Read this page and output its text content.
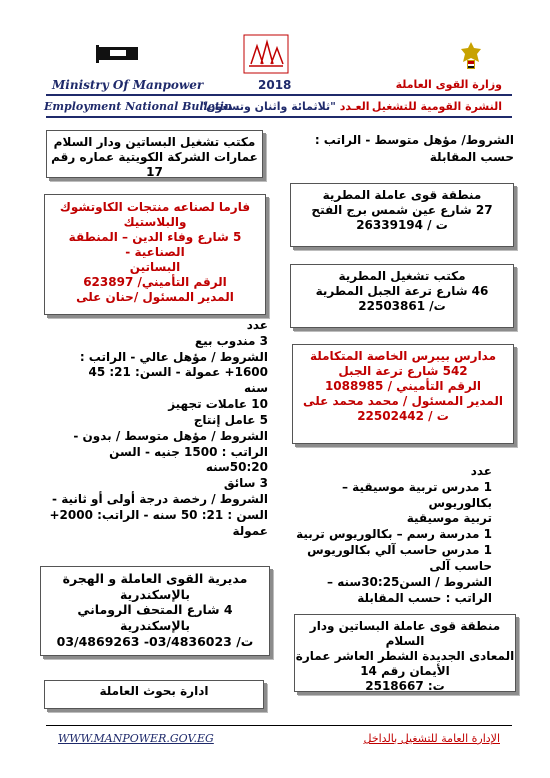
Ministry Of Manpower	2018	وزارة القوى العاملة
Employment National Bulletin	العـدد "ثلاثمائة واثنان وتسعون"	النشرة القومية للتشغيل
مكتب تشغيل البساتين ودار السلام
عمارات الشركة الكويتية عماره رقم 17
فارما لصناعه منتجات الكاوتشوك
والبلاستيك
5 شارع وفاء الدين – المنطقة الصناعية -
البساتين
الرقم التأميني/ 623897
المدير المسئول /حنان على
عدد
3 مندوب بيع
الشروط / مؤهل عالي - الراتب :
1600+ عمولة - السن: 21: 45
سنه
10 عاملات تجهيز
5 عامل إنتاج
الشروط / مؤهل متوسط / بدون -
الراتب : 1500 جنيه - السن
50:20سنه
3 سائق
الشروط / رخصة درجة أولى أو ثانية -
السن : 21: 50 سنه - الراتب: 2000+
عمولة
مديرية القوى العاملة و الهجرة
بالإسكندرية
4 شارع المتحف الروماني بالإسكندرية
ت/ 03/4836023- 03/4869263
ادارة بحوث العاملة
الشروط/ مؤهل متوسط - الراتب :
حسب المقابلة
منطقة قوى عاملة المطرية
27 شارع عين شمس برج الفتح
ت / 26339194
مكتب تشغيل المطرية
46 شارع ترعة الجبل المطرية
ت/ 22503861
مدارس بيبرس الخاصة المتكاملة
542 شارع ترعة الجبل
الرقم التأميني / 1088985
المدير المسئول / محمد محمد على
ت / 22502442
عدد
1 مدرس تربية موسيقية – بكالوريوس
تربية موسيقية
1 مدرسة رسم – بكالوريوس تربية
1 مدرس حاسب آلي بكالوريوس
حاسب آلى
الشروط / السن30:25سنه –
الراتب : حسب المقابلة
منطقة قوى عاملة البساتين ودار السلام
المعادى الجديدة الشطر العاشر عمارة
الأيمان رقم 14
ت: 2518667
WWW.MANPOWER.GOV.EG	الإدارة العامة للتشغيل بالداخل
